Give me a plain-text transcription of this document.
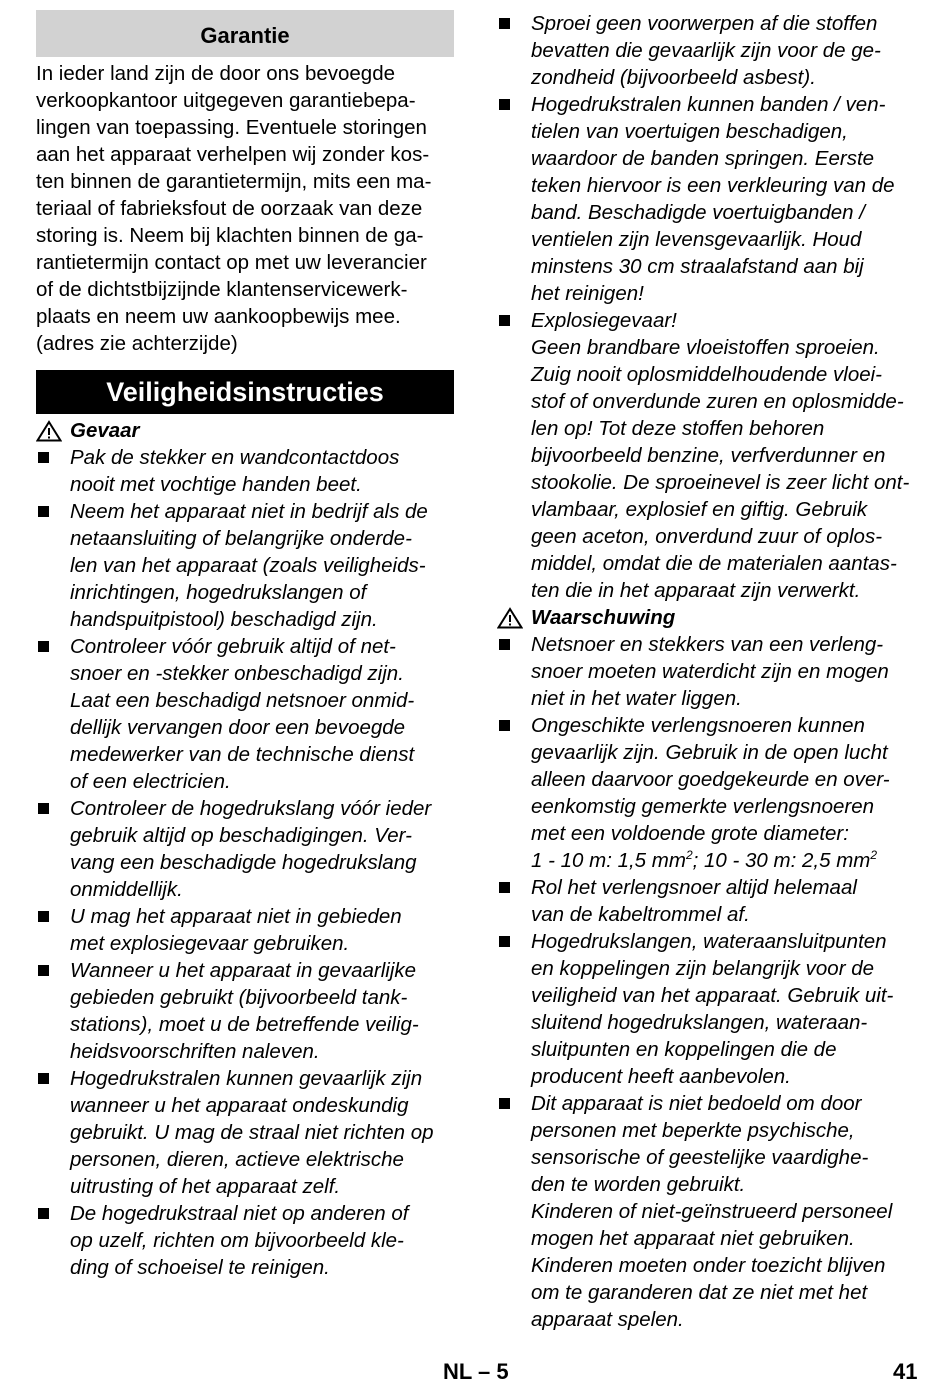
Garantie
In ieder land zijn de door ons bevoegde
verkoopkantoor uitgegeven garantiebepa-
lingen van toepassing. Eventuele storingen
aan het apparaat verhelpen wij zonder kos-
ten binnen de garantietermijn, mits een ma-
teriaal of fabrieksfout de oorzaak van deze
storing is. Neem bij klachten binnen de ga-
rantietermijn contact op met uw leverancier
of de dichtstbijzijnde klantenservicewerk-
plaats en neem uw aankoopbewijs mee.
(adres zie achterzijde)
Veiligheidsinstructies
Gevaar
Pak de stekker en wandcontactdoos
nooit met vochtige handen beet.
Neem het apparaat niet in bedrijf als de
netaansluiting of belangrijke onderde-
len van het apparaat (zoals veiligheids-
inrichtingen, hogedrukslangen of
handspuitpistool) beschadigd zijn.
Controleer vóór gebruik altijd of net-
snoer en -stekker onbeschadigd zijn.
Laat een beschadigd netsnoer onmid-
dellijk vervangen door een bevoegde
medewerker van de technische dienst
of een electricien.
Controleer de hogedrukslang vóór ieder
gebruik altijd op beschadigingen. Ver-
vang een beschadigde hogedrukslang
onmiddellijk.
U mag het apparaat niet in gebieden
met explosiegevaar gebruiken.
Wanneer u het apparaat in gevaarlijke
gebieden gebruikt (bijvoorbeeld tank-
stations), moet u de betreffende veilig-
heidsvoorschriften naleven.
Hogedrukstralen kunnen gevaarlijk zijn
wanneer u het apparaat ondeskundig
gebruikt. U mag de straal niet richten op
personen, dieren, actieve elektrische
uitrusting of het apparaat zelf.
De hogedrukstraal niet op anderen of
op uzelf, richten om bijvoorbeeld kle-
ding of schoeisel te reinigen.
Sproei geen voorwerpen af die stoffen
bevatten die gevaarlijk zijn voor de ge-
zondheid (bijvoorbeeld asbest).
Hogedrukstralen kunnen banden / ven-
tielen van voertuigen beschadigen,
waardoor de banden springen. Eerste
teken hiervoor is een verkleuring van de
band. Beschadigde voertuigbanden /
ventielen zijn levensgevaarlijk. Houd
minstens 30 cm straalafstand aan bij
het reinigen!
Explosiegevaar!
Geen brandbare vloeistoffen sproeien.
Zuig nooit oplosmiddelhoudende vloei-
stof of onverdunde zuren en oplosmidde-
len op! Tot deze stoffen behoren
bijvoorbeeld benzine, verfverdunner en
stookolie. De sproeinevel is zeer licht ont-
vlambaar, explosief en giftig. Gebruik
geen aceton, onverdund zuur of oplos-
middel, omdat die de materialen aantas-
ten die in het apparaat zijn verwerkt.
Waarschuwing
Netsnoer en stekkers van een verleng-
snoer moeten waterdicht zijn en mogen
niet in het water liggen.
Ongeschikte verlengsnoeren kunnen
gevaarlijk zijn. Gebruik in de open lucht
alleen daarvoor goedgekeurde en over-
eenkomstig gemerkte verlengsnoeren
met een voldoende grote diameter:
1 - 10 m: 1,5 $mm^2$; 10 - 30 m: 2,5 $mm^2$
Rol het verlengsnoer altijd helemaal
van de kabeltrommel af.
Hogedrukslangen, wateraansluitpunten
en koppelingen zijn belangrijk voor de
veiligheid van het apparaat. Gebruik uit-
sluitend hogedrukslangen, wateraan-
sluitpunten en koppelingen die de
producent heeft aanbevolen.
Dit apparaat is niet bedoeld om door
personen met beperkte psychische,
sensorische of geestelijke vaardighe-
den te worden gebruikt.
Kinderen of niet-geïnstrueerd personeel
mogen het apparaat niet gebruiken.
Kinderen moeten onder toezicht blijven
om te garanderen dat ze niet met het
apparaat spelen.
NL – 5	41
